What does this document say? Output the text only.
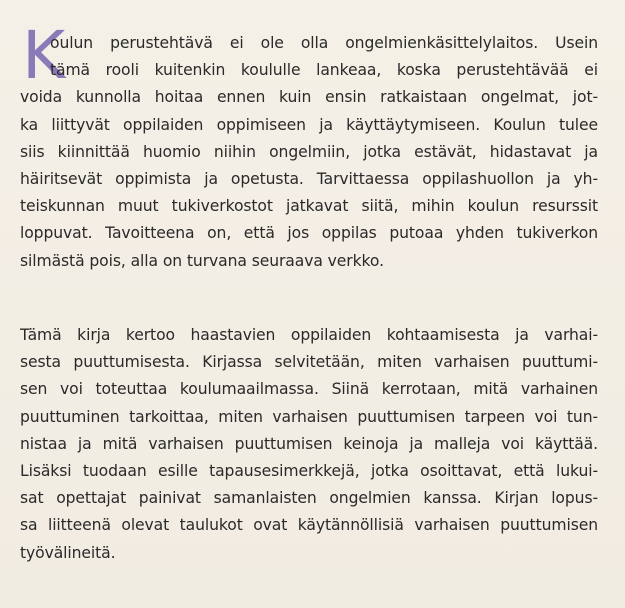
K
oulun perustehtävä ei ole olla ongelmienkäsittelylaitos. Usein
tämä rooli kuitenkin koululle lankeaa, koska perustehtävää ei
voida kunnolla hoitaa ennen kuin ensin ratkaistaan ongelmat, jot-
ka liittyvät oppilaiden oppimiseen ja käyttäytymiseen. Koulun tulee
siis kiinnittää huomio niihin ongelmiin, jotka estävät, hidastavat ja
häiritsevät oppimista ja opetusta. Tarvittaessa oppilashuollon ja yh-
teiskunnan muut tukiverkostot jatkavat siitä, mihin koulun resurssit
loppuvat. Tavoitteena on, että jos oppilas putoaa yhden tukiverkon
silmästä pois, alla on turvana seuraava verkko.
Tämä kirja kertoo haastavien oppilaiden kohtaamisesta ja varhai-
sesta puuttumisesta. Kirjassa selvitetään, miten varhaisen puuttumi-
sen voi toteuttaa koulumaailmassa. Siinä kerrotaan, mitä varhainen
puuttuminen tarkoittaa, miten varhaisen puuttumisen tarpeen voi tun-
nistaa ja mitä varhaisen puuttumisen keinoja ja malleja voi käyttää.
Lisäksi tuodaan esille tapausesimerkkejä, jotka osoittavat, että lukui-
sat opettajat painivat samanlaisten ongelmien kanssa. Kirjan lopus-
sa liitteenä olevat taulukot ovat käytännöllisiä varhaisen puuttumisen
työvälineitä.
